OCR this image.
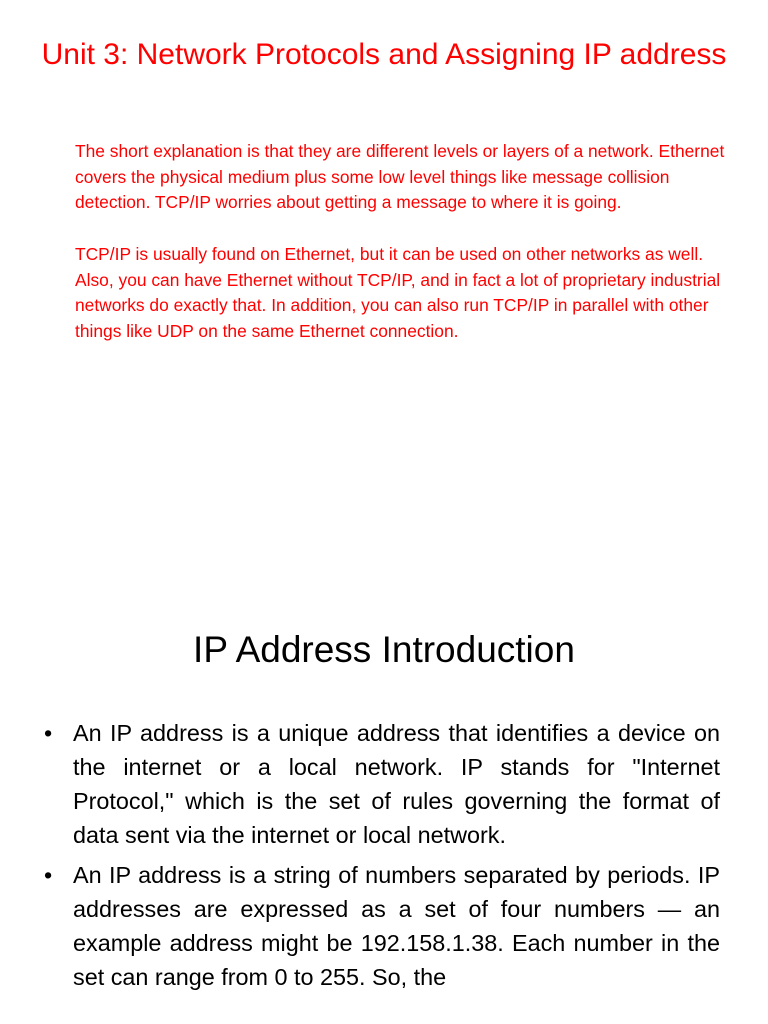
Unit 3: Network Protocols and Assigning IP address

The short explanation is that they are different levels or layers of a network. Ethernet covers the physical medium plus some low level things like message collision detection. TCP/IP worries about getting a message to where it is going.

TCP/IP is usually found on Ethernet, but it can be used on other networks as well. Also, you can have Ethernet without TCP/IP, and in fact a lot of proprietary industrial networks do exactly that. In addition, you can also run TCP/IP in parallel with other things like UDP on the same Ethernet connection.

IP Address Introduction
• An IP address is a unique address that identifies a device on the internet or a local network. IP stands for "Internet Protocol," which is the set of rules governing the format of data sent via the internet or local network.
• An IP address is a string of numbers separated by periods. IP addresses are expressed as a set of four numbers — an example address might be 192.158.1.38. Each number in the set can range from 0 to 255. So, the
